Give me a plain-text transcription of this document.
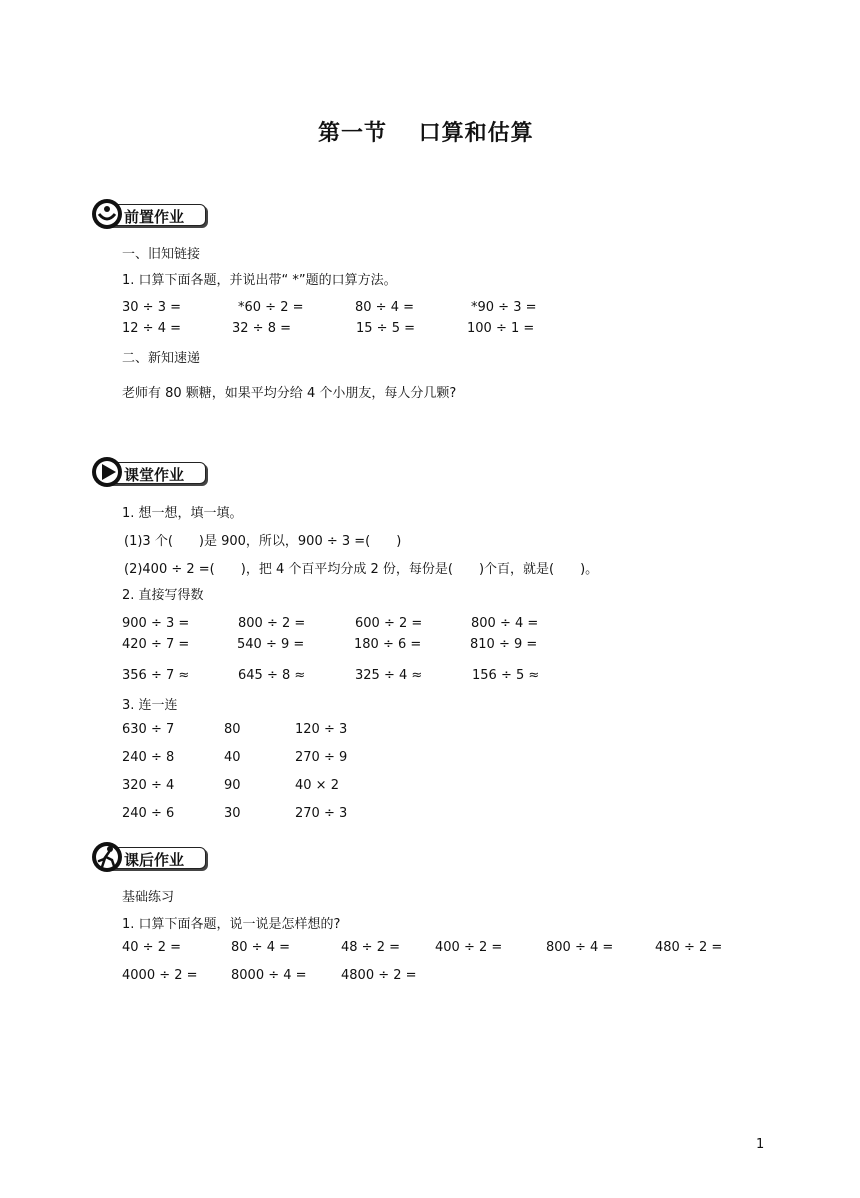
第一节　 口算和估算
前置作业
一、旧知链接
1. 口算下面各题，并说出带“ *”题的口算方法。
30 ÷ 3 =	*60 ÷ 2 =	80 ÷ 4 =	*90 ÷ 3 =
12 ÷ 4 =	32 ÷ 8 =	15 ÷ 5 =	100 ÷ 1 =
二、新知速递
老师有 80 颗糖，如果平均分给 4 个小朋友，每人分几颗?
课堂作业
1. 想一想，填一填。
(1)3 个(　　)是 900，所以，900 ÷ 3 =(　　)
(2)400 ÷ 2 =(　　)，把 4 个百平均分成 2 份，每份是(　　)个百，就是(　　)。
2. 直接写得数
900 ÷ 3 =	800 ÷ 2 =	600 ÷ 2 =	800 ÷ 4 =
420 ÷ 7 =	540 ÷ 9 =	180 ÷ 6 =	810 ÷ 9 =
356 ÷ 7 ≈	645 ÷ 8 ≈	325 ÷ 4 ≈	156 ÷ 5 ≈
3. 连一连
630 ÷ 7	80	120 ÷ 3
240 ÷ 8	40	270 ÷ 9
320 ÷ 4	90	40 × 2
240 ÷ 6	30	270 ÷ 3
课后作业
基础练习
1. 口算下面各题，说一说是怎样想的?
40 ÷ 2 =	80 ÷ 4 =	48 ÷ 2 =	400 ÷ 2 =	800 ÷ 4 =	480 ÷ 2 =
4000 ÷ 2 =	8000 ÷ 4 =	4800 ÷ 2 =
1
